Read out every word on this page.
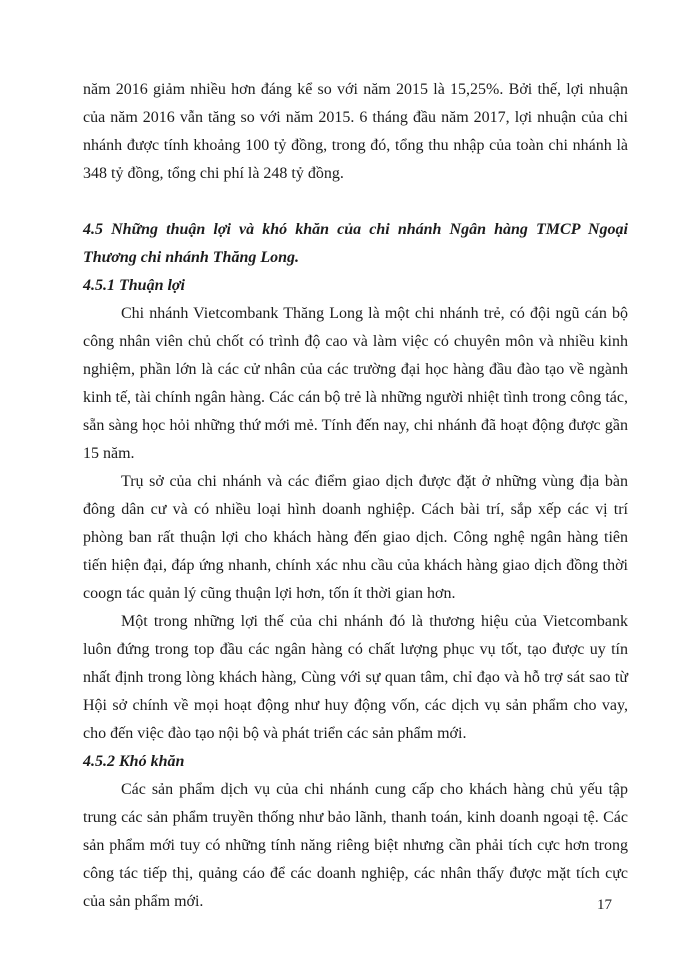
năm 2016 giảm nhiều hơn đáng kể so với năm 2015 là 15,25%. Bởi thế, lợi nhuận của năm 2016 vẫn tăng so với năm 2015. 6 tháng đầu năm 2017, lợi nhuận của chi nhánh được tính khoảng 100 tỷ đồng, trong đó, tổng thu nhập của toàn chi nhánh là 348 tỷ đồng, tổng chi phí là 248 tỷ đồng.

4.5 Những thuận lợi và khó khăn của chi nhánh Ngân hàng TMCP Ngoại Thương chi nhánh Thăng Long.

4.5.1 Thuận lợi

Chi nhánh Vietcombank Thăng Long là một chi nhánh trẻ, có đội ngũ cán bộ công nhân viên chủ chốt có trình độ cao và làm việc có chuyên môn và nhiều kinh nghiệm, phần lớn là các cử nhân của các trường đại học hàng đầu đào tạo về ngành kinh tế, tài chính ngân hàng. Các cán bộ trẻ là những người nhiệt tình trong công tác, sẵn sàng học hỏi những thứ mới mẻ. Tính đến nay, chi nhánh đã hoạt động được gần 15 năm.

Trụ sở của chi nhánh và các điểm giao dịch được đặt ở những vùng địa bàn đông dân cư và có nhiều loại hình doanh nghiệp. Cách bài trí, sắp xếp các vị trí phòng ban rất thuận lợi cho khách hàng đến giao dịch. Công nghệ ngân hàng tiên tiến hiện đại, đáp ứng nhanh, chính xác nhu cầu của khách hàng giao dịch đồng thời coogn tác quản lý cũng thuận lợi hơn, tốn ít thời gian hơn.

Một trong những lợi thế của chi nhánh đó là thương hiệu của Vietcombank luôn đứng trong top đầu các ngân hàng có chất lượng phục vụ tốt, tạo được uy tín nhất định trong lòng khách hàng, Cùng với sự quan tâm, chỉ đạo và hỗ trợ sát sao từ Hội sở chính về mọi hoạt động như huy động vốn, các dịch vụ sản phẩm cho vay, cho đến việc đào tạo nội bộ và phát triển các sản phẩm mới.

4.5.2 Khó khăn

Các sản phẩm dịch vụ của chi nhánh cung cấp cho khách hàng chủ yếu tập trung các sản phẩm truyền thống như bảo lãnh, thanh toán, kinh doanh ngoại tệ. Các sản phẩm mới tuy có những tính năng riêng biệt nhưng cần phải tích cực hơn trong công tác tiếp thị, quảng cáo để các doanh nghiệp, các nhân thấy được mặt tích cực của sản phẩm mới.	17
